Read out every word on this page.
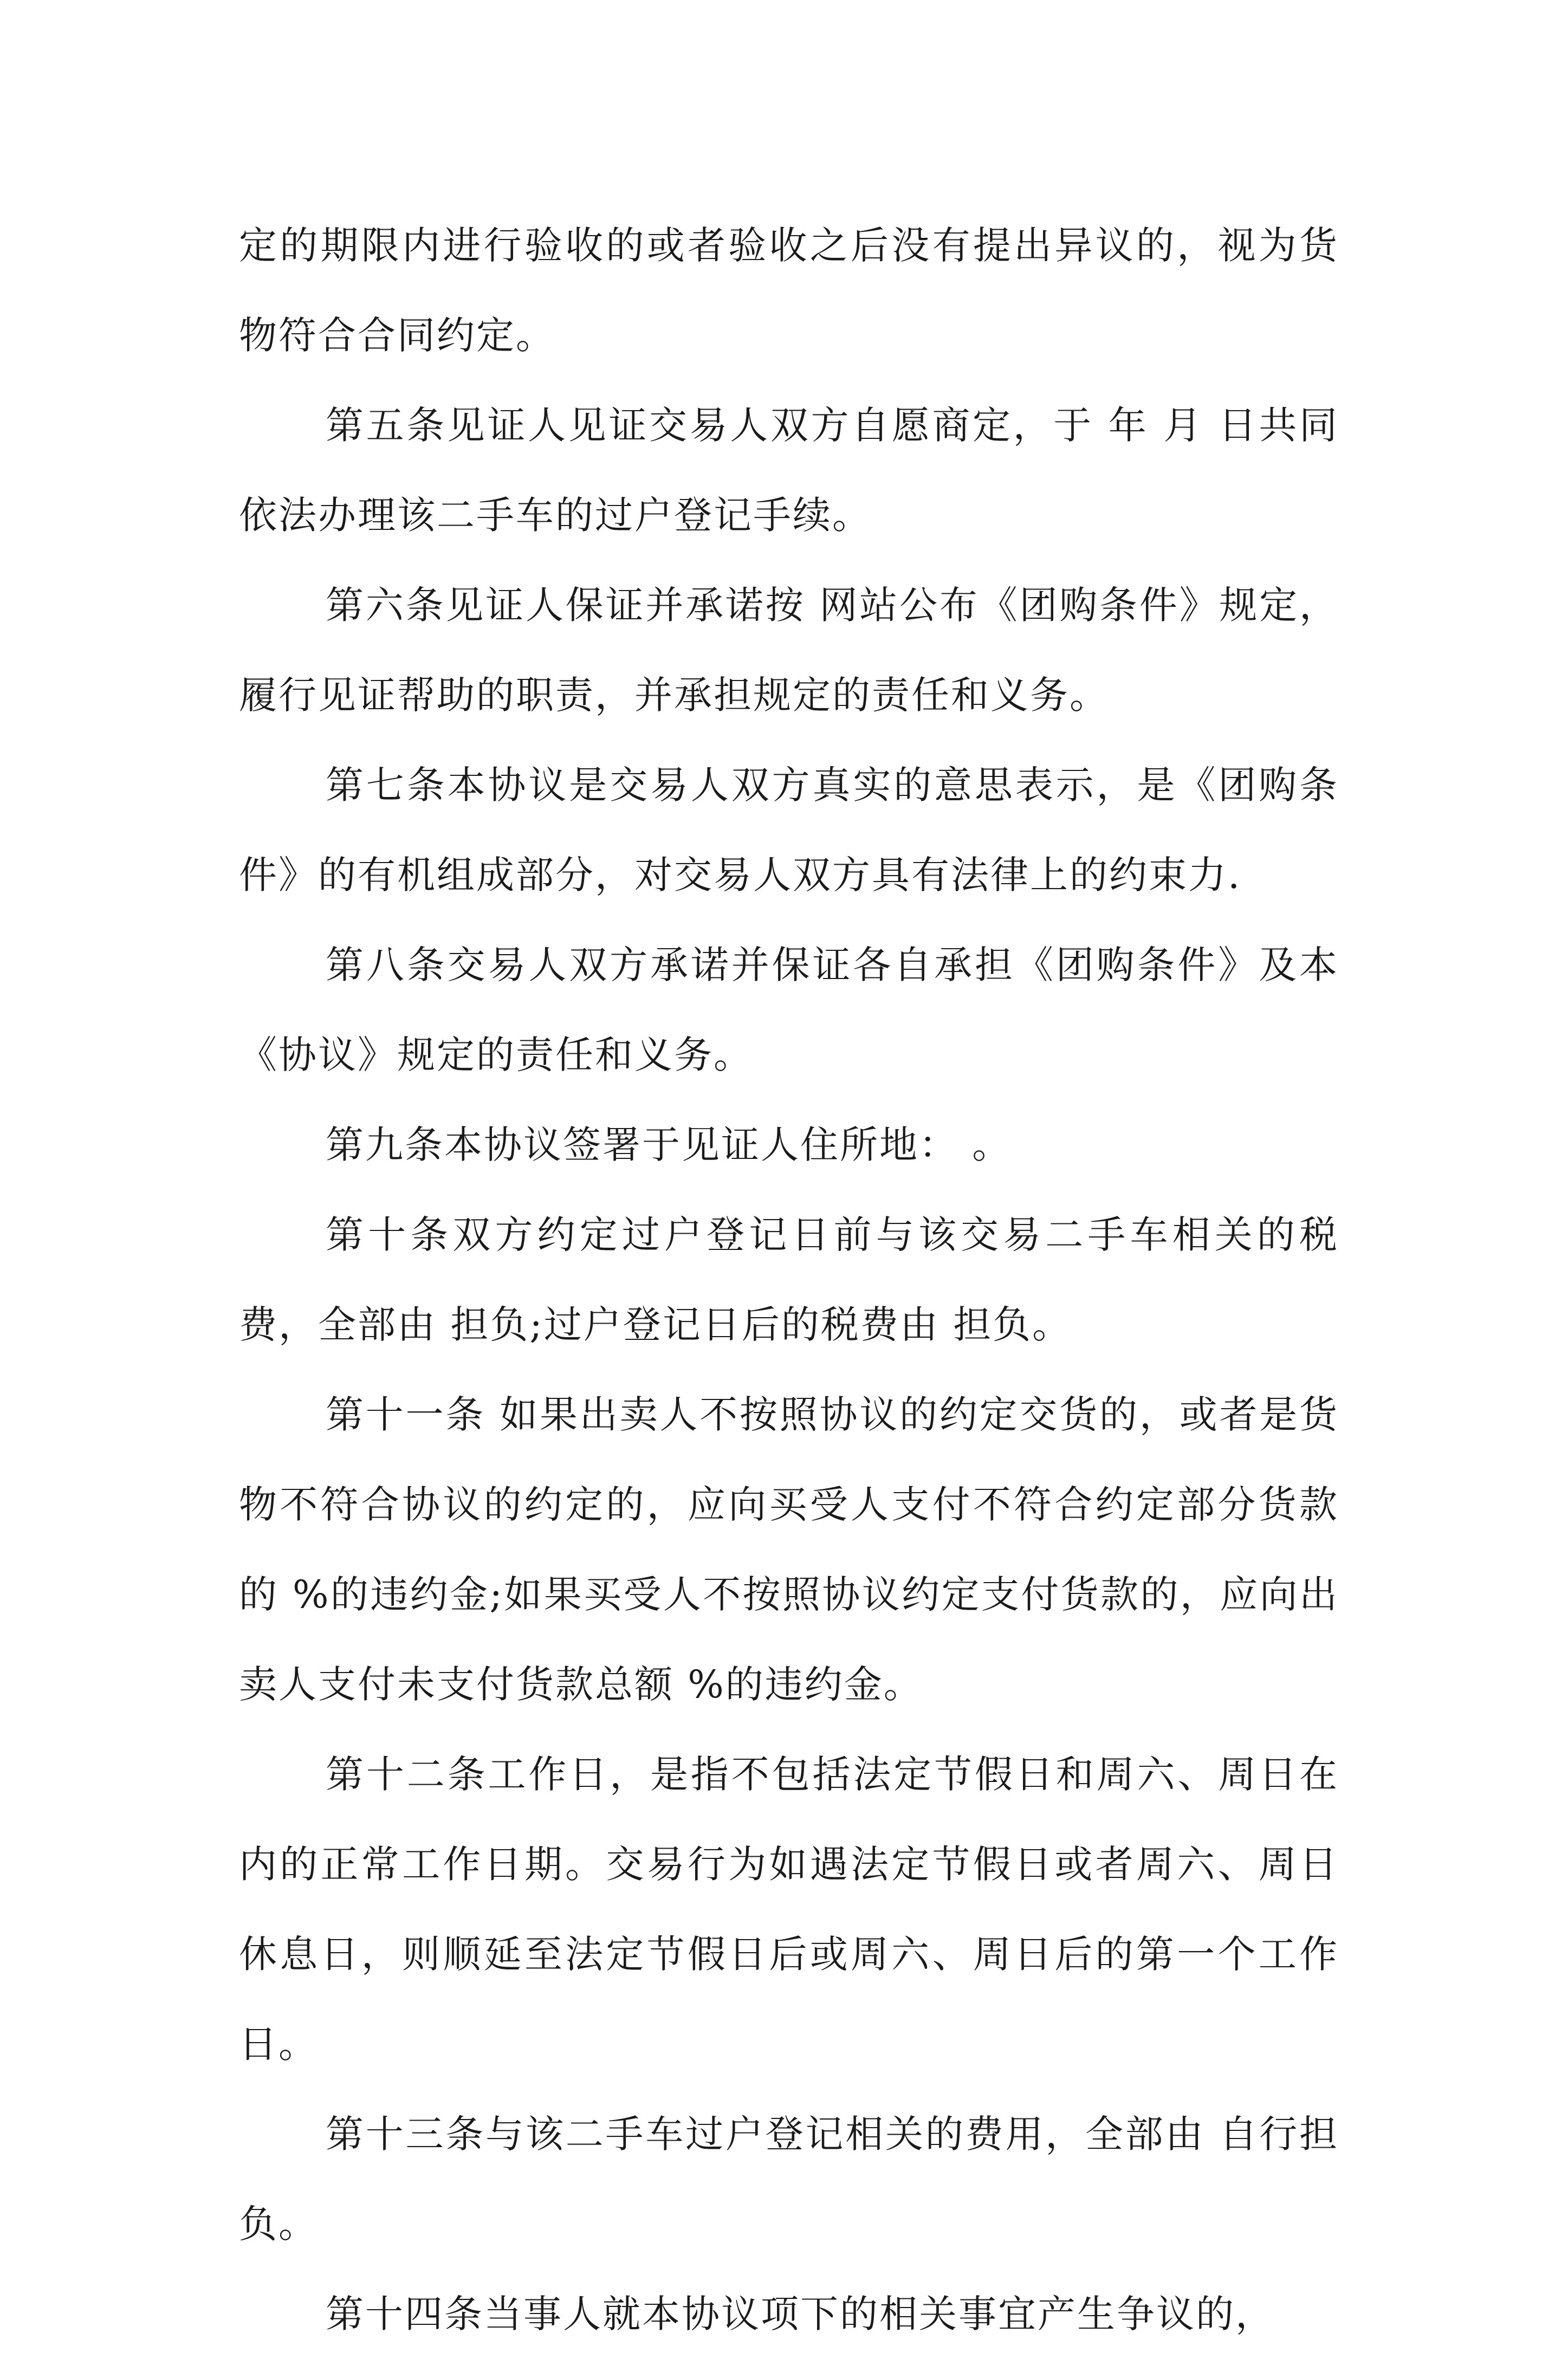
定的期限内进行验收的或者验收之后没有提出异议的，视为货物符合合同约定。

第五条见证人见证交易人双方自愿商定，于 年 月 日共同依法办理该二手车的过户登记手续。

第六条见证人保证并承诺按 网站公布《团购条件》规定，履行见证帮助的职责，并承担规定的责任和义务。

第七条本协议是交易人双方真实的意思表示，是《团购条件》的有机组成部分，对交易人双方具有法律上的约束力.

第八条交易人双方承诺并保证各自承担《团购条件》及本《协议》规定的责任和义务。

第九条本协议签署于见证人住所地： 。

第十条双方约定过户登记日前与该交易二手车相关的税费，全部由 担负;过户登记日后的税费由 担负。

第十一条 如果出卖人不按照协议的约定交货的，或者是货物不符合协议的约定的，应向买受人支付不符合约定部分货款的 %的违约金;如果买受人不按照协议约定支付货款的，应向出卖人支付未支付货款总额 %的违约金。

第十二条工作日，是指不包括法定节假日和周六、周日在内的正常工作日期。交易行为如遇法定节假日或者周六、周日休息日，则顺延至法定节假日后或周六、周日后的第一个工作日。

第十三条与该二手车过户登记相关的费用，全部由 自行担负。

第十四条当事人就本协议项下的相关事宜产生争议的，
